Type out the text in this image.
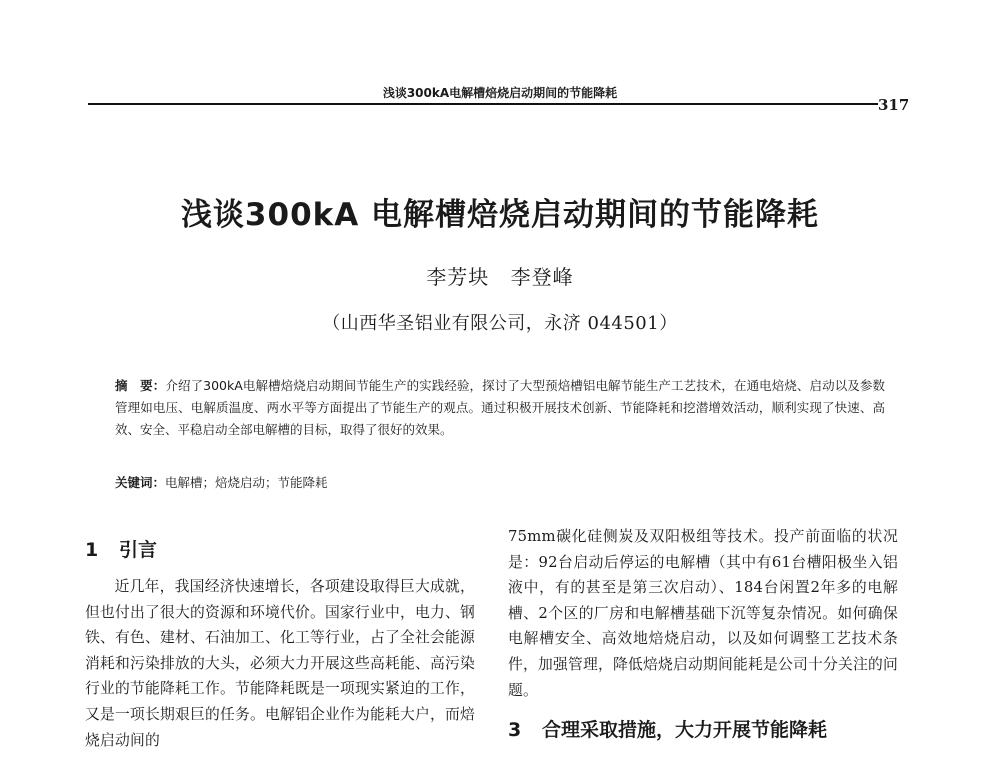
浅谈300kA电解槽焙烧启动期间的节能降耗
317
浅谈300kA 电解槽焙烧启动期间的节能降耗
李芳块 李登峰
（山西华圣铝业有限公司，永济 044501）

摘　要：介绍了300kA电解槽焙烧启动期间节能生产的实践经验，探讨了大型预焙槽铝电解节能生产工艺技术，在通电焙烧、启动以及参数管理如电压、电解质温度、两水平等方面提出了节能生产的观点。通过积极开展技术创新、节能降耗和挖潜增效活动，顺利实现了快速、高效、安全、平稳启动全部电解槽的目标，取得了很好的效果。

关键词：电解槽；焙烧启动；节能降耗

1 引言

近几年，我国经济快速增长，各项建设取得巨大成就，但也付出了很大的资源和环境代价。国家行业中，电力、钢铁、有色、建材、石油加工、化工等行业，占了全社会能源消耗和污染排放的大头，必须大力开展这些高耗能、高污染行业的节能降耗工作。节能降耗既是一项现实紧迫的工作，又是一项长期艰巨的任务。电解铝企业作为能耗大户，而焙烧启动间的

75mm碳化硅侧炭及双阳极组等技术。投产前面临的状况是：92台启动后停运的电解槽（其中有61台槽阳极坐入铝液中，有的甚至是第三次启动）、184台闲置2年多的电解槽、2个区的厂房和电解槽基础下沉等复杂情况。如何确保电解槽安全、高效地焙烧启动，以及如何调整工艺技术条件，加强管理，降低焙烧启动期间能耗是公司十分关注的问题。

3 合理采取措施，大力开展节能降耗
